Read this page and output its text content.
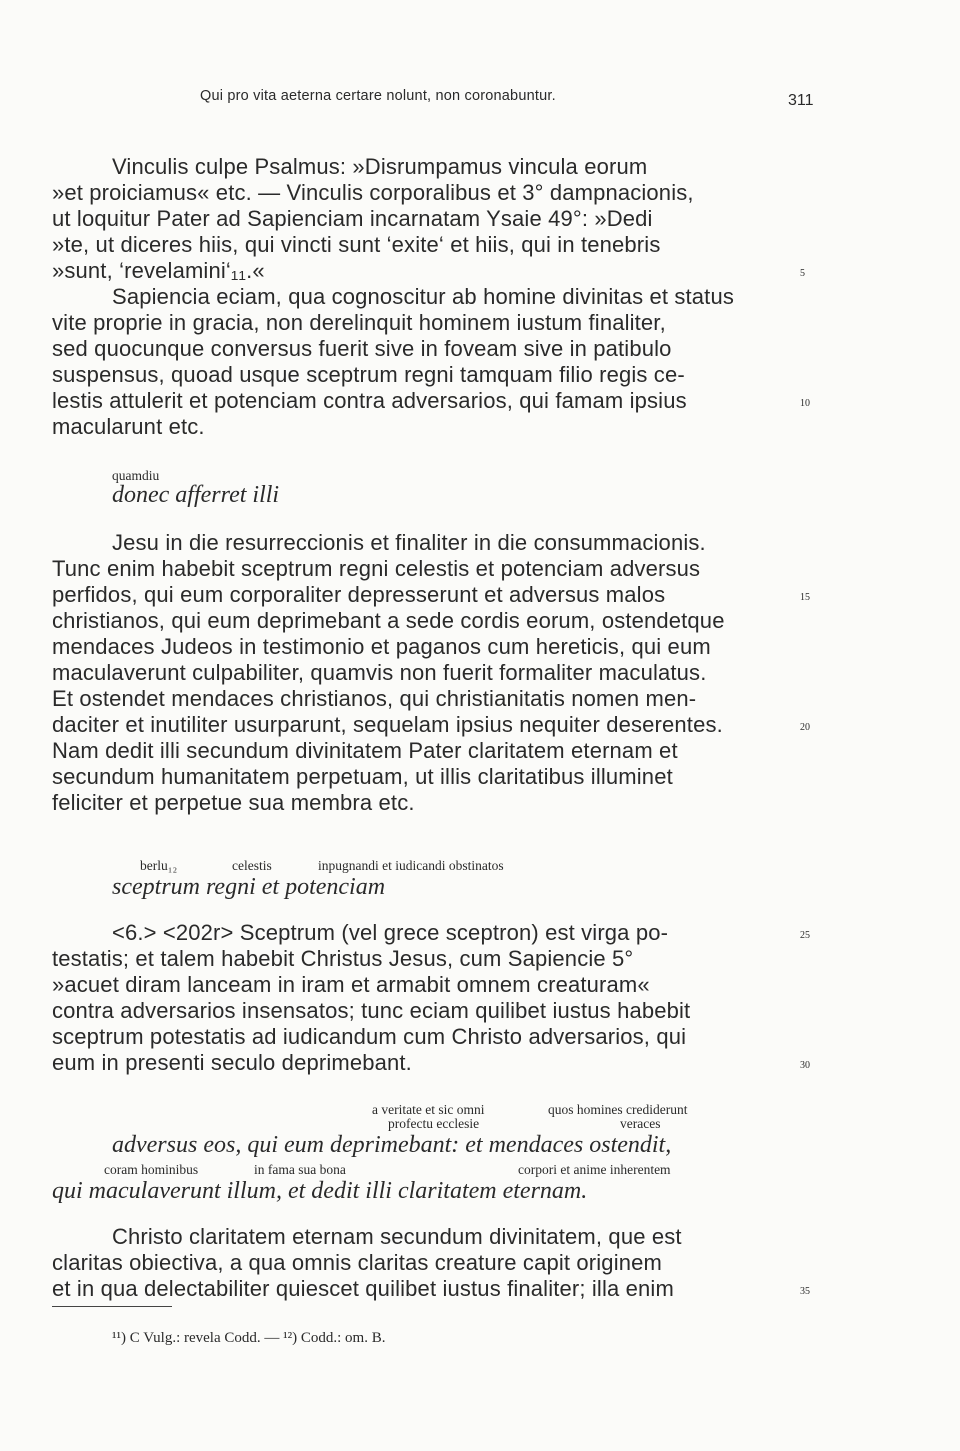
Qui pro vita aeterna certare nolunt, non coronabuntur.	311
Vinculis culpe Psalmus: »Disrumpamus vincula eorum
»et proiciamus« etc. — Vinculis corporalibus et 3° dampnacionis,
ut loquitur Pater ad Sapienciam incarnatam Ysaie 49°: »Dedi
»te, ut diceres hiis, qui vincti sunt ‘exite‘ et hiis, qui in tenebris
»sunt, ‘revelamini‘₁₁.«
Sapiencia eciam, qua cognoscitur ab homine divinitas et status
vite proprie in gracia, non derelinquit hominem iustum finaliter,
sed quocunque conversus fuerit sive in foveam sive in patibulo
suspensus, quoad usque sceptrum regni tamquam filio regis ce-
lestis attulerit et potenciam contra adversarios, qui famam ipsius
macularunt etc.
quamdiu
donec afferret illi
Jesu in die resurreccionis et finaliter in die consummacionis.
Tunc enim habebit sceptrum regni celestis et potenciam adversus
perfidos, qui eum corporaliter depresserunt et adversus malos
christianos, qui eum deprimebant a sede cordis eorum, ostendetque
mendaces Judeos in testimonio et paganos cum hereticis, qui eum
maculaverunt culpabiliter, quamvis non fuerit formaliter maculatus.
Et ostendet mendaces christianos, qui christianitatis nomen men-
daciter et inutiliter usurparunt, sequelam ipsius nequiter deserentes.
Nam dedit illi secundum divinitatem Pater claritatem eternam et
secundum humanitatem perpetuam, ut illis claritatibus illuminet
feliciter et perpetue sua membra etc.
berlu₁₂	celestis	inpugnandi et iudicandi obstinatos
sceptrum regni et potenciam
<6.> <202r> Sceptrum (vel grece sceptron) est virga po-
testatis; et talem habebit Christus Jesus, cum Sapiencie 5°
»acuet diram lanceam in iram et armabit omnem creaturam«
contra adversarios insensatos; tunc eciam quilibet iustus habebit
sceptrum potestatis ad iudicandum cum Christo adversarios, qui
eum in presenti seculo deprimebant.
a veritate et sic omni
profectu ecclesie
quos homines crediderunt
veraces
adversus eos, qui eum deprimebant: et mendaces ostendit,
coram hominibus	in fama sua bona	corpori et anime inherentem
qui maculaverunt illum, et dedit illi claritatem eternam.
Christo claritatem eternam secundum divinitatem, que est
claritas obiectiva, a qua omnis claritas creature capit originem
et in qua delectabiliter quiescet quilibet iustus finaliter; illa enim
5
10
15
20
25
30
35
¹¹) C Vulg.: revela Codd. — ¹²) Codd.: om. B.
